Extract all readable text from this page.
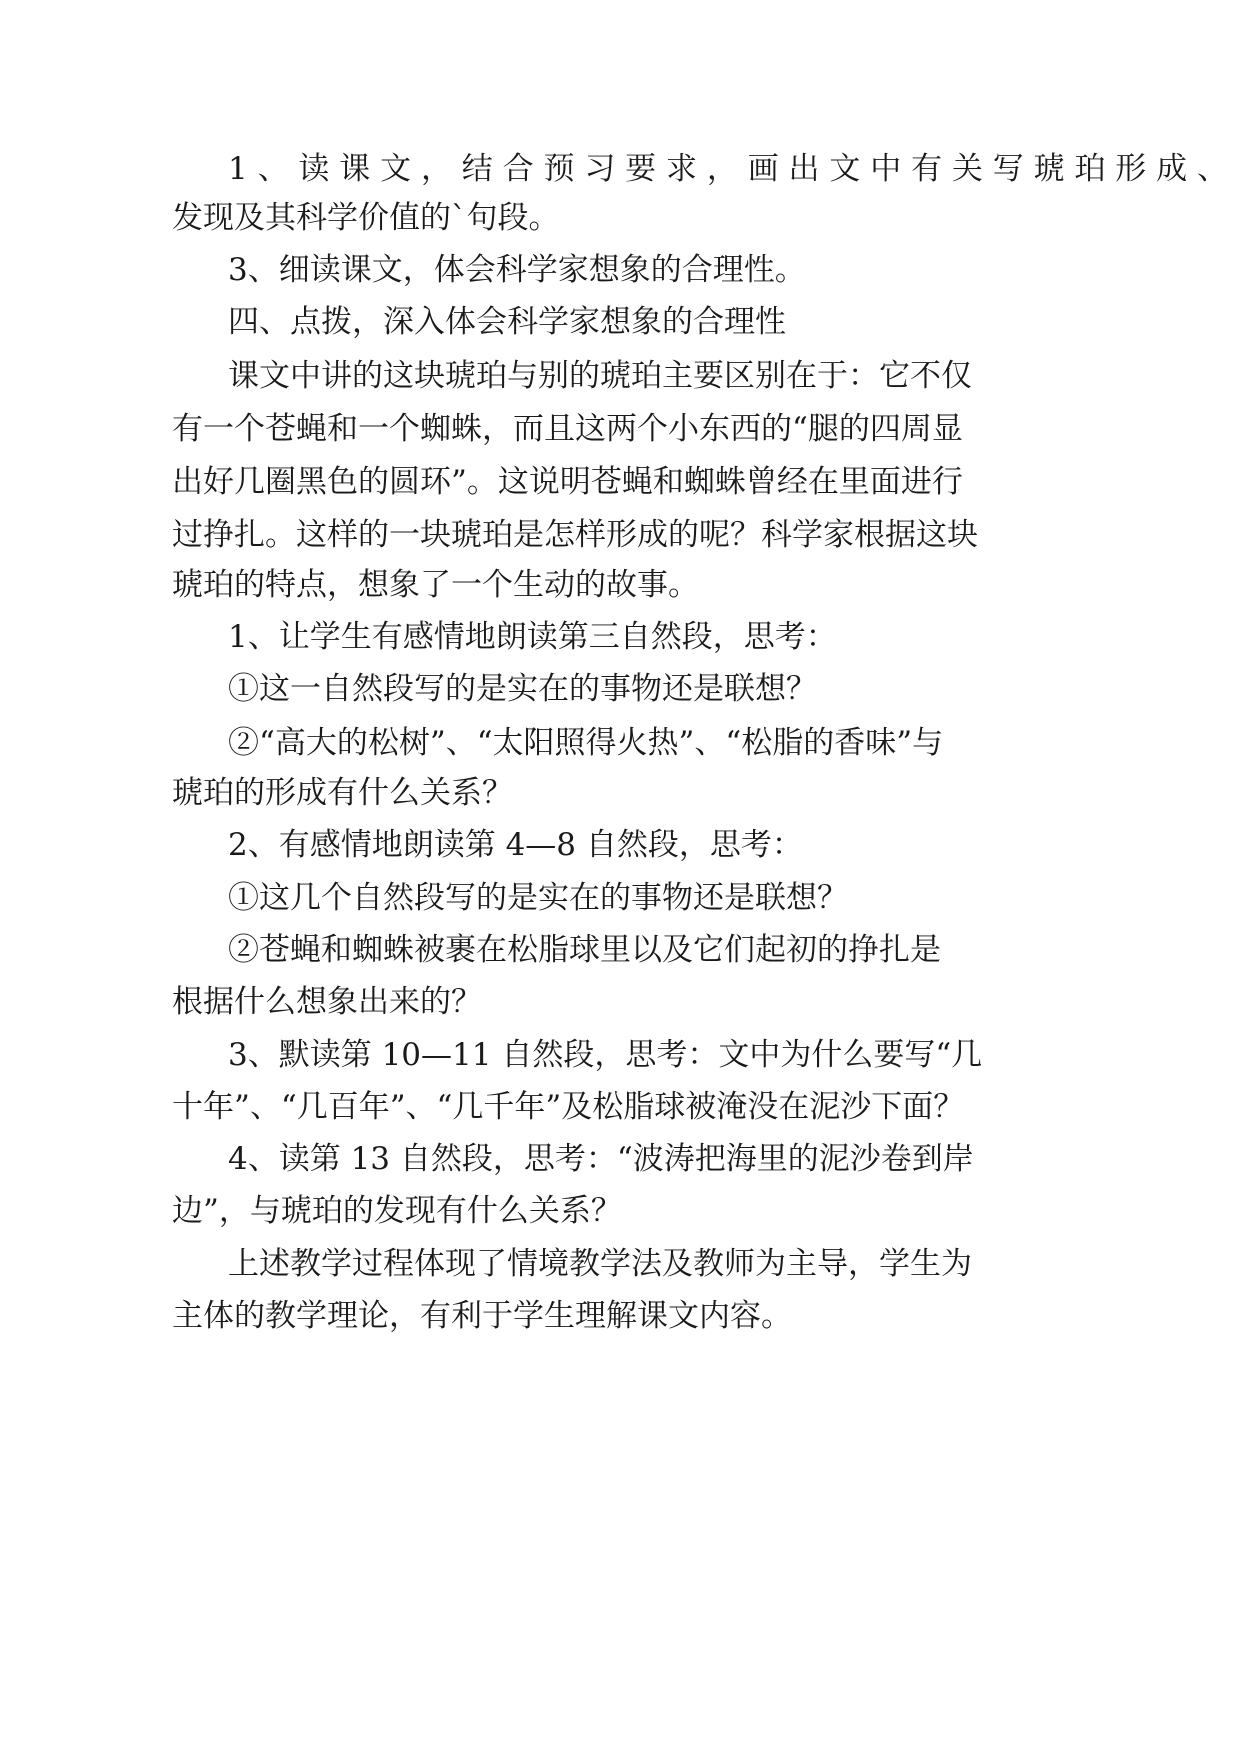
1、读课文，结合预习要求，画出文中有关写琥珀形成、
发现及其科学价值的`句段。
3、细读课文，体会科学家想象的合理性。
四、点拨，深入体会科学家想象的合理性
课文中讲的这块琥珀与别的琥珀主要区别在于：它不仅
有一个苍蝇和一个蜘蛛，而且这两个小东西的“腿的四周显
出好几圈黑色的圆环”。这说明苍蝇和蜘蛛曾经在里面进行
过挣扎。这样的一块琥珀是怎样形成的呢？科学家根据这块
琥珀的特点，想象了一个生动的故事。
1、让学生有感情地朗读第三自然段，思考：
①这一自然段写的是实在的事物还是联想？
②“高大的松树”、“太阳照得火热”、“松脂的香味”与
琥珀的形成有什么关系？
2、有感情地朗读第 4—8 自然段，思考：
①这几个自然段写的是实在的事物还是联想？
②苍蝇和蜘蛛被裹在松脂球里以及它们起初的挣扎是
根据什么想象出来的？
3、默读第 10—11 自然段，思考：文中为什么要写“几
十年”、“几百年”、“几千年”及松脂球被淹没在泥沙下面？
4、读第 13 自然段，思考：“波涛把海里的泥沙卷到岸
边”，与琥珀的发现有什么关系？
上述教学过程体现了情境教学法及教师为主导，学生为
主体的教学理论，有利于学生理解课文内容。
